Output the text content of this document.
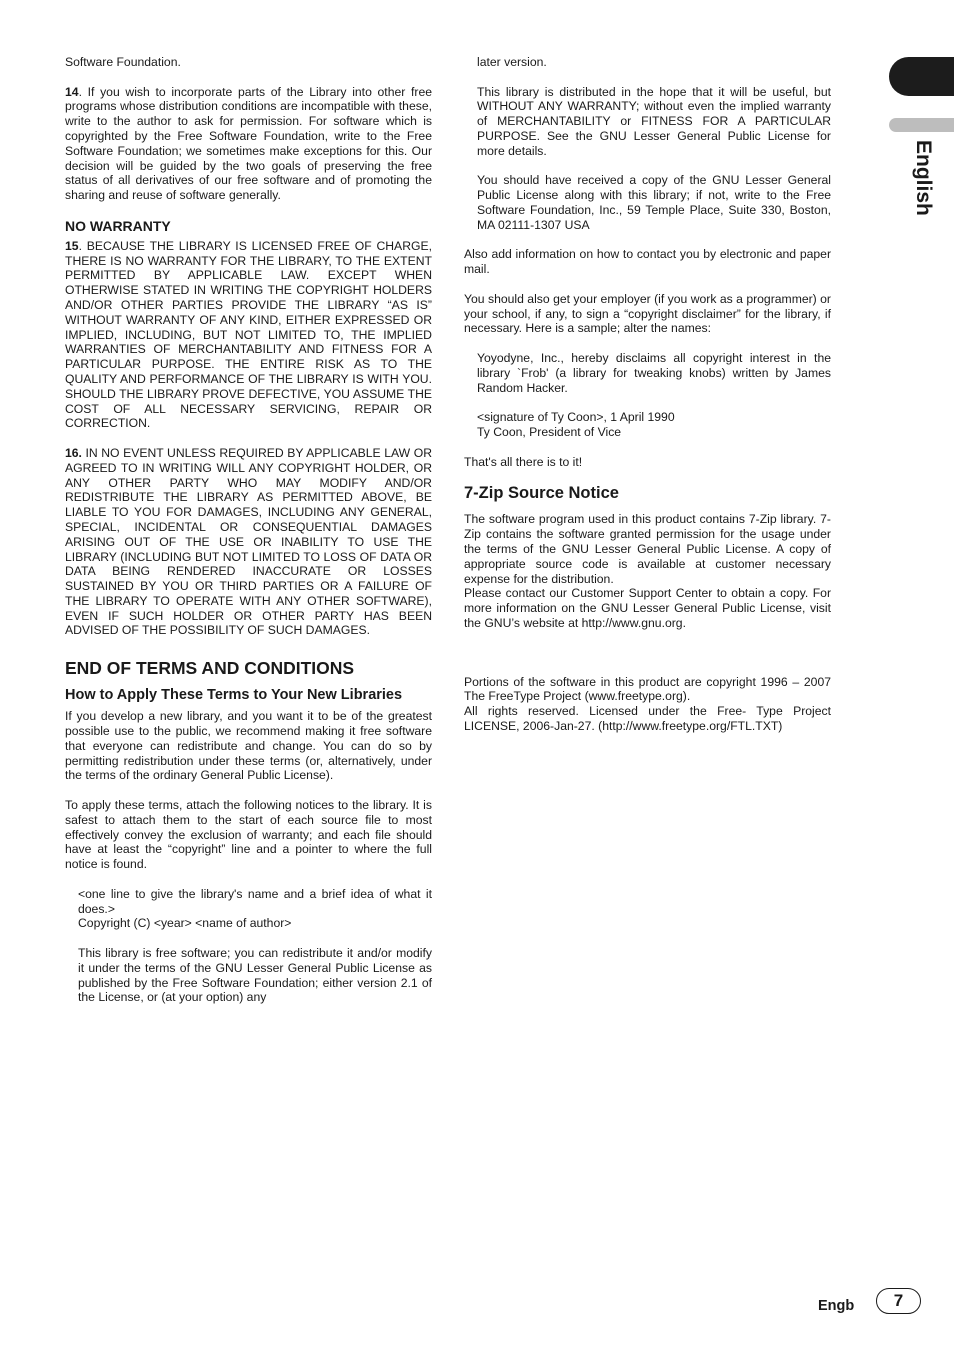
English

Software Foundation.

14. If you wish to incorporate parts of the Library into other free programs whose distribution conditions are incompatible with these, write to the author to ask for permission. For software which is copyrighted by the Free Software Foundation, write to the Free Software Foundation; we sometimes make exceptions for this. Our decision will be guided by the two goals of preserving the free status of all derivatives of our free software and of promoting the sharing and reuse of software generally.

NO WARRANTY

15. BECAUSE THE LIBRARY IS LICENSED FREE OF CHARGE, THERE IS NO WARRANTY FOR THE LIBRARY, TO THE EXTENT PERMITTED BY APPLICABLE LAW. EXCEPT WHEN OTHERWISE STATED IN WRITING THE COPYRIGHT HOLDERS AND/OR OTHER PARTIES PROVIDE THE LIBRARY “AS IS” WITHOUT WARRANTY OF ANY KIND, EITHER EXPRESSED OR IMPLIED, INCLUDING, BUT NOT LIMITED TO, THE IMPLIED WARRANTIES OF MERCHANTABILITY AND FITNESS FOR A PARTICULAR PURPOSE. THE ENTIRE RISK AS TO THE QUALITY AND PERFORMANCE OF THE LIBRARY IS WITH YOU. SHOULD THE LIBRARY PROVE DEFECTIVE, YOU ASSUME THE COST OF ALL NECESSARY SERVICING, REPAIR OR CORRECTION.

16. IN NO EVENT UNLESS REQUIRED BY APPLICABLE LAW OR AGREED TO IN WRITING WILL ANY COPYRIGHT HOLDER, OR ANY OTHER PARTY WHO MAY MODIFY AND/OR REDISTRIBUTE THE LIBRARY AS PERMITTED ABOVE, BE LIABLE TO YOU FOR DAMAGES, INCLUDING ANY GENERAL, SPECIAL, INCIDENTAL OR CONSEQUENTIAL DAMAGES ARISING OUT OF THE USE OR INABILITY TO USE THE LIBRARY (INCLUDING BUT NOT LIMITED TO LOSS OF DATA OR DATA BEING RENDERED INACCURATE OR LOSSES SUSTAINED BY YOU OR THIRD PARTIES OR A FAILURE OF THE LIBRARY TO OPERATE WITH ANY OTHER SOFTWARE), EVEN IF SUCH HOLDER OR OTHER PARTY HAS BEEN ADVISED OF THE POSSIBILITY OF SUCH DAMAGES.

END OF TERMS AND CONDITIONS
How to Apply These Terms to Your New Libraries

If you develop a new library, and you want it to be of the greatest possible use to the public, we recommend making it free software that everyone can redistribute and change. You can do so by permitting redistribution under these terms (or, alternatively, under the terms of the ordinary General Public License).

To apply these terms, attach the following notices to the library. It is safest to attach them to the start of each source file to most effectively convey the exclusion of warranty; and each file should have at least the “copyright” line and a pointer to where the full notice is found.

<one line to give the library's name and a brief idea of what it does.>

Copyright (C) <year> <name of author>

This library is free software; you can redistribute it and/or modify it under the terms of the GNU Lesser General Public License as published by the Free Software Foundation; either version 2.1 of the License, or (at your option) any

later version.

This library is distributed in the hope that it will be useful, but WITHOUT ANY WARRANTY; without even the implied warranty of MERCHANTABILITY or FITNESS FOR A PARTICULAR PURPOSE. See the GNU Lesser General Public License for more details.

You should have received a copy of the GNU Lesser General Public License along with this library; if not, write to the Free Software Foundation, Inc., 59 Temple Place, Suite 330, Boston, MA 02111-1307 USA

Also add information on how to contact you by electronic and paper mail.

You should also get your employer (if you work as a programmer) or your school, if any, to sign a “copyright disclaimer” for the library, if necessary. Here is a sample; alter the names:

Yoyodyne, Inc., hereby disclaims all copyright interest in the library `Frob' (a library for tweaking knobs) written by James Random Hacker.

<signature of Ty Coon>, 1 April 1990

Ty Coon, President of Vice

That's all there is to it!

7-Zip Source Notice

The software program used in this product contains 7-Zip library. 7-Zip contains the software granted permission for the usage under the terms of the GNU Lesser General Public License. A copy of appropriate source code is available at customer necessary expense for the distribution.

Please contact our Customer Support Center to obtain a copy. For more information on the GNU Lesser General Public License, visit the GNU’s website at http://www.gnu.org.

Portions of the software in this product are copyright 1996 – 2007 The FreeType Project (www.freetype.org).

All rights reserved. Licensed under the Free- Type Project LICENSE, 2006-Jan-27. (http://www.freetype.org/FTL.TXT)

Engb 7
